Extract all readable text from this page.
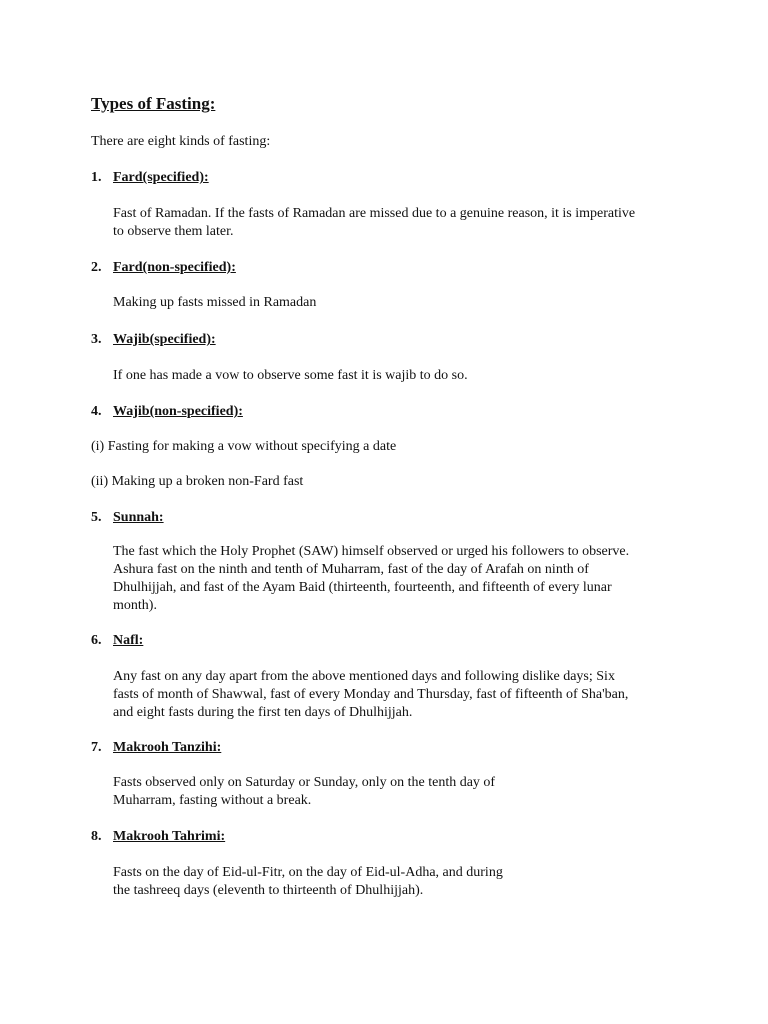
Types of Fasting:

There are eight kinds of fasting:

1. Fard(specified):

Fast of Ramadan. If the fasts of Ramadan are missed due to a genuine reason, it is imperative
to observe them later.

2. Fard(non-specified):

Making up fasts missed in Ramadan

3. Wajib(specified):

If one has made a vow to observe some fast it is wajib to do so.

4. Wajib(non-specified):

(i) Fasting for making a vow without specifying a date

(ii) Making up a broken non-Fard fast

5. Sunnah:

The fast which the Holy Prophet (SAW) himself observed or urged his followers to observe.
Ashura fast on the ninth and tenth of Muharram, fast of the day of Arafah on ninth of
Dhulhijjah, and fast of the Ayam Baid (thirteenth, fourteenth, and fifteenth of every lunar
month).

6. Nafl:

Any fast on any day apart from the above mentioned days and following dislike days; Six
fasts of month of Shawwal, fast of every Monday and Thursday, fast of fifteenth of Sha'ban,
and eight fasts during the first ten days of Dhulhijjah.

7. Makrooh Tanzihi:

Fasts observed only on Saturday or Sunday, only on the tenth day of
Muharram, fasting without a break.

8. Makrooh Tahrimi:

Fasts on the day of Eid-ul-Fitr, on the day of Eid-ul-Adha, and during
the tashreeq days (eleventh to thirteenth of Dhulhijjah).
